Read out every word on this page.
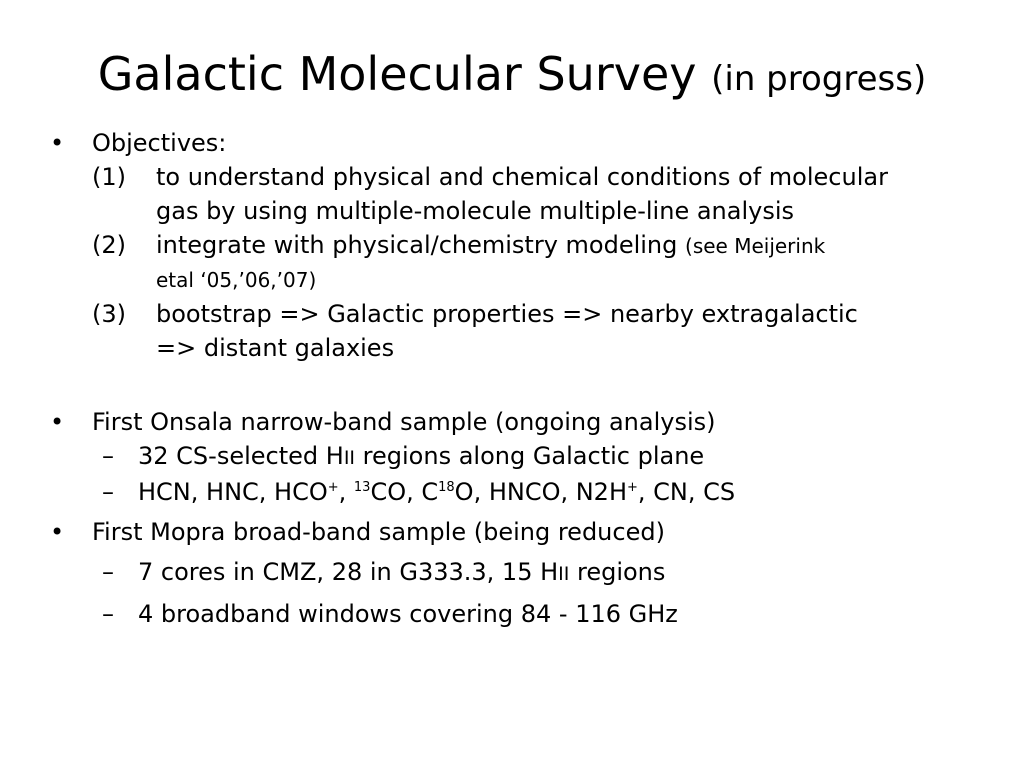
Galactic Molecular Survey (in progress)
• Objectives:
(1) to understand physical and chemical conditions of molecular
gas by using multiple-molecule multiple-line analysis
(2) integrate with physical/chemistry modeling (see Meijerink
etal ‘05,’06,’07)
(3) bootstrap => Galactic properties => nearby extragalactic
=> distant galaxies
• First Onsala narrow-band sample (ongoing analysis)
– 32 CS-selected HII regions along Galactic plane
– HCN, HNC, HCO+, $^{13}$CO, $C^{18}O$, HNCO, N2H+, CN, CS
• First Mopra broad-band sample (being reduced)
– 7 cores in CMZ, 28 in G333.3, 15 HII regions
– 4 broadband windows covering 84 - 116 GHz
